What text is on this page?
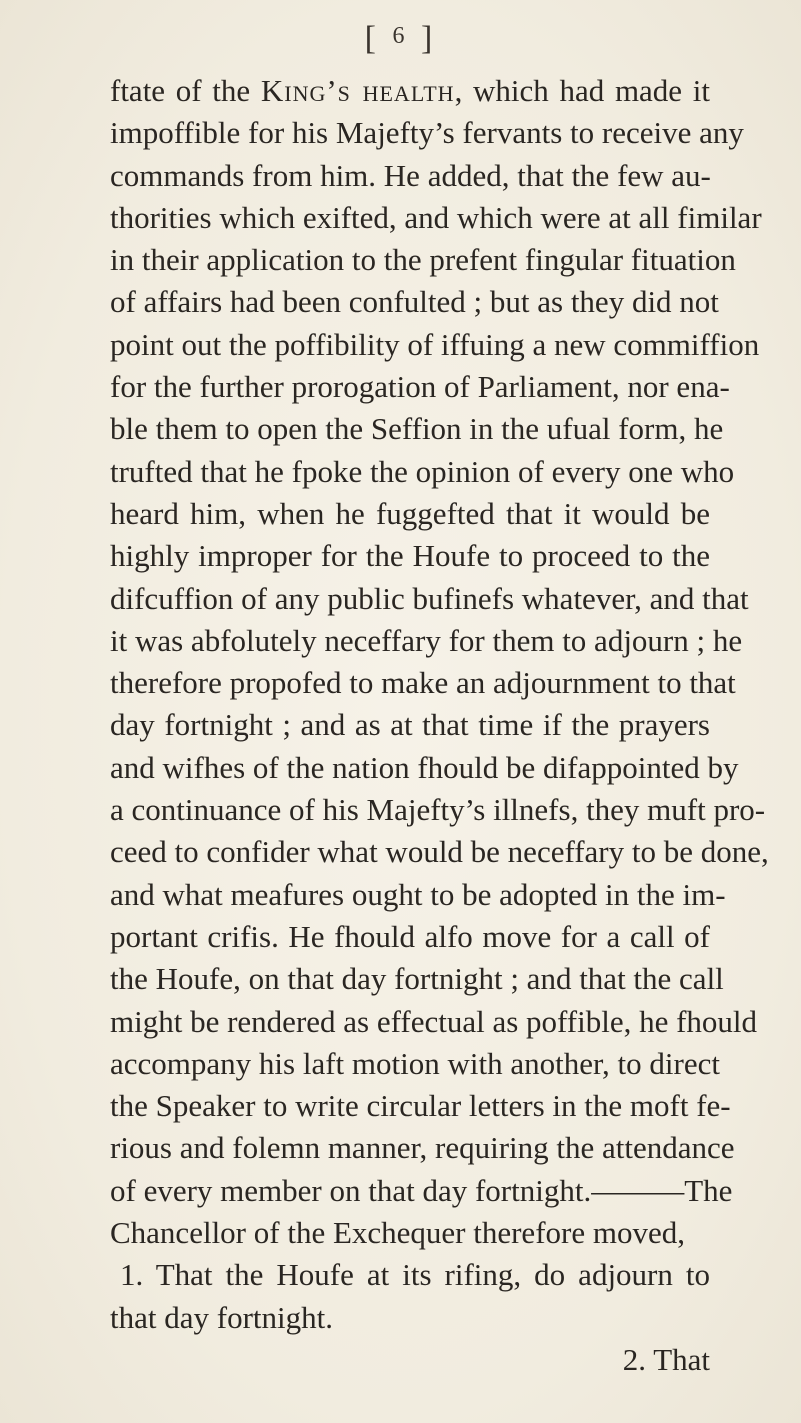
[ 6 ]
ftate of the King’s health, which had made it
impoffible for his Majefty’s fervants to receive any
commands from him. He added, that the few au-
thorities which exifted, and which were at all fimilar
in their application to the prefent fingular fituation
of affairs had been confulted ; but as they did not
point out the poffibility of iffuing a new commiffion
for the further prorogation of Parliament, nor ena-
ble them to open the Seffion in the ufual form, he
trufted that he fpoke the opinion of every one who
heard him, when he fuggefted that it would be
highly improper for the Houfe to proceed to the
difcuffion of any public bufinefs whatever, and that
it was abfolutely neceffary for them to adjourn ; he
therefore propofed to make an adjournment to that
day fortnight ; and as at that time if the prayers
and wifhes of the nation fhould be difappointed by
a continuance of his Majefty’s illnefs, they muft pro-
ceed to confider what would be neceffary to be done,
and what meafures ought to be adopted in the im-
portant crifis. He fhould alfo move for a call of
the Houfe, on that day fortnight ; and that the call
might be rendered as effectual as poffible, he fhould
accompany his laft motion with another, to direct
the Speaker to write circular letters in the moft fe-
rious and folemn manner, requiring the attendance
of every member on that day fortnight.———The
Chancellor of the Exchequer therefore moved,
1. That the Houfe at its rifing, do adjourn to
that day fortnight.
2. That
